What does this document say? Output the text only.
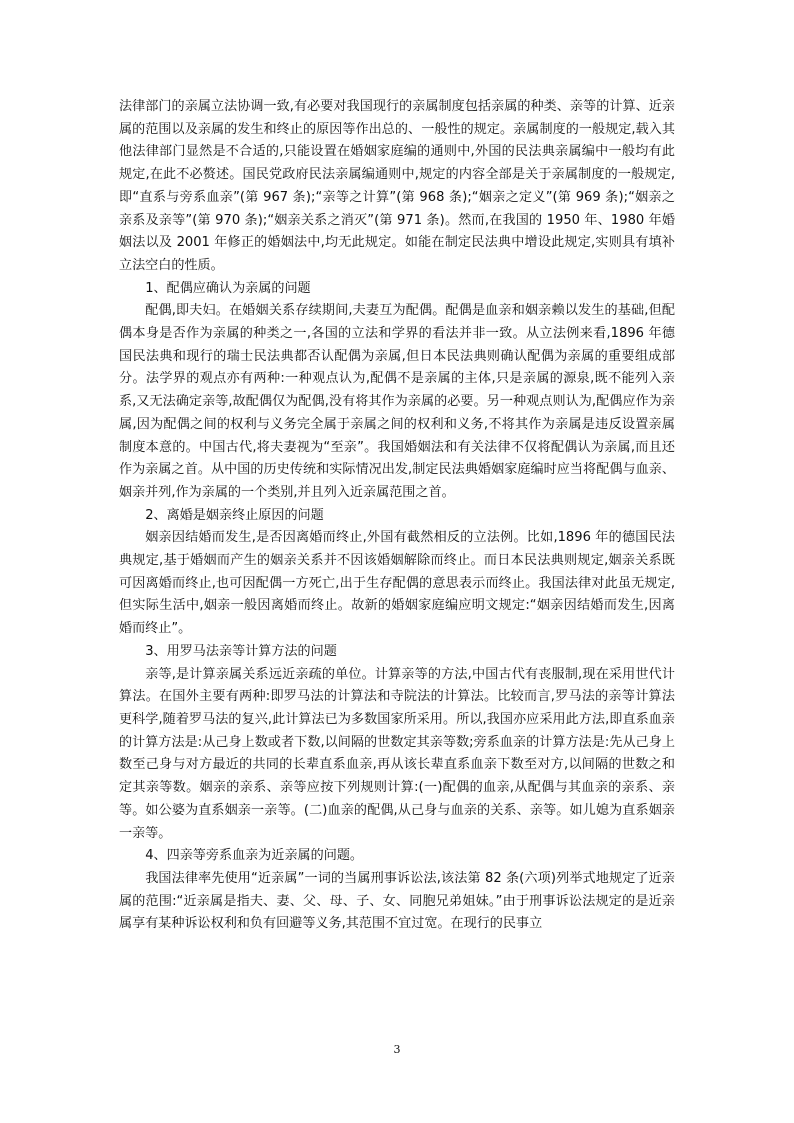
法律部门的亲属立法协调一致,有必要对我国现行的亲属制度包括亲属的种类、亲等的计算、近亲属的范围以及亲属的发生和终止的原因等作出总的、一般性的规定。亲属制度的一般规定,载入其他法律部门显然是不合适的,只能设置在婚姻家庭编的通则中,外国的民法典亲属编中一般均有此规定,在此不必赘述。国民党政府民法亲属编通则中,规定的内容全部是关于亲属制度的一般规定,即“直系与旁系血亲”(第 967 条);“亲等之计算”(第 968 条);“姻亲之定义”(第 969 条);“姻亲之亲系及亲等”(第 970 条);“姻亲关系之消灭”(第 971 条)。然而,在我国的 1950 年、1980 年婚姻法以及 2001 年修正的婚姻法中,均无此规定。如能在制定民法典中增设此规定,实则具有填补立法空白的性质。

1、配偶应确认为亲属的问题

配偶,即夫妇。在婚姻关系存续期间,夫妻互为配偶。配偶是血亲和姻亲赖以发生的基础,但配偶本身是否作为亲属的种类之一,各国的立法和学界的看法并非一致。从立法例来看,1896 年德国民法典和现行的瑞士民法典都否认配偶为亲属,但日本民法典则确认配偶为亲属的重要组成部分。法学界的观点亦有两种:一种观点认为,配偶不是亲属的主体,只是亲属的源泉,既不能列入亲系,又无法确定亲等,故配偶仅为配偶,没有将其作为亲属的必要。另一种观点则认为,配偶应作为亲属,因为配偶之间的权利与义务完全属于亲属之间的权利和义务,不将其作为亲属是违反设置亲属制度本意的。中国古代,将夫妻视为“至亲”。我国婚姻法和有关法律不仅将配偶认为亲属,而且还作为亲属之首。从中国的历史传统和实际情况出发,制定民法典婚姻家庭编时应当将配偶与血亲、姻亲并列,作为亲属的一个类别,并且列入近亲属范围之首。

2、离婚是姻亲终止原因的问题

姻亲因结婚而发生,是否因离婚而终止,外国有截然相反的立法例。比如,1896 年的德国民法典规定,基于婚姻而产生的姻亲关系并不因该婚姻解除而终止。而日本民法典则规定,姻亲关系既可因离婚而终止,也可因配偶一方死亡,出于生存配偶的意思表示而终止。我国法律对此虽无规定,但实际生活中,姻亲一般因离婚而终止。故新的婚姻家庭编应明文规定:“姻亲因结婚而发生,因离婚而终止”。

3、用罗马法亲等计算方法的问题

亲等,是计算亲属关系远近亲疏的单位。计算亲等的方法,中国古代有丧服制,现在采用世代计算法。在国外主要有两种:即罗马法的计算法和寺院法的计算法。比较而言,罗马法的亲等计算法更科学,随着罗马法的复兴,此计算法已为多数国家所采用。所以,我国亦应采用此方法,即直系血亲的计算方法是:从己身上数或者下数,以间隔的世数定其亲等数;旁系血亲的计算方法是:先从己身上数至己身与对方最近的共同的长辈直系血亲,再从该长辈直系血亲下数至对方,以间隔的世数之和定其亲等数。姻亲的亲系、亲等应按下列规则计算:(一)配偶的血亲,从配偶与其血亲的亲系、亲等。如公婆为直系姻亲一亲等。(二)血亲的配偶,从己身与血亲的关系、亲等。如儿媳为直系姻亲一亲等。

4、四亲等旁系血亲为近亲属的问题。

我国法律率先使用“近亲属”一词的当属刑事诉讼法,该法第 82 条(六项)列举式地规定了近亲属的范围:“近亲属是指夫、妻、父、母、子、女、同胞兄弟姐妹。”由于刑事诉讼法规定的是近亲属享有某种诉讼权利和负有回避等义务,其范围不宜过宽。在现行的民事立

3
